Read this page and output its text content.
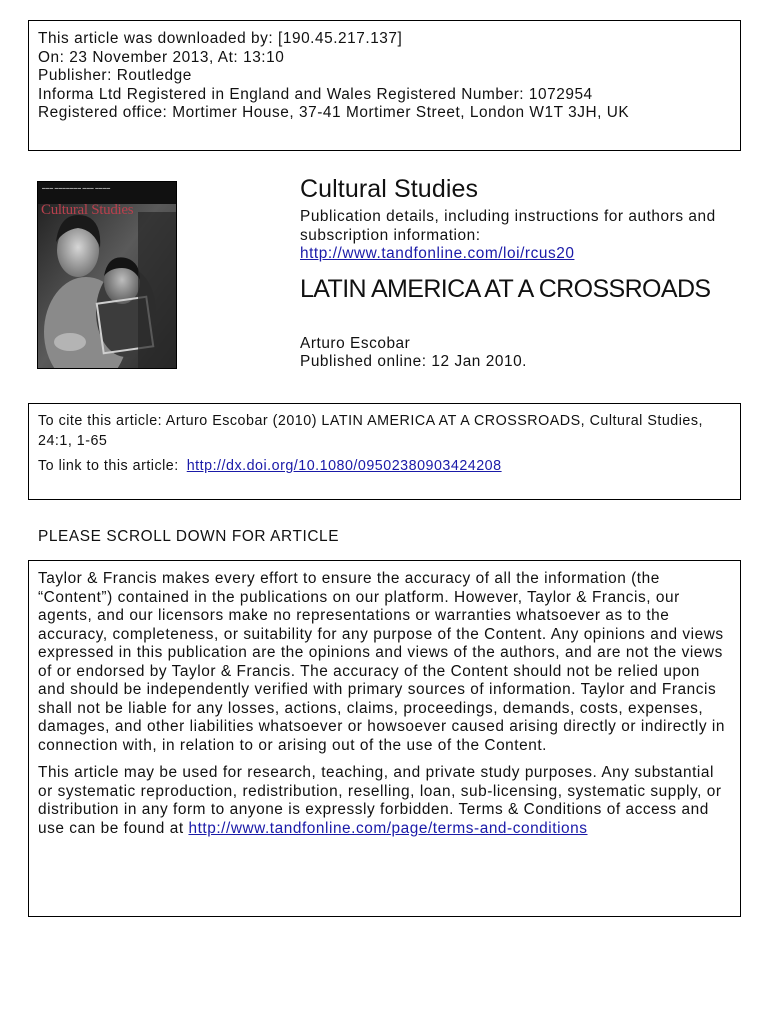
This article was downloaded by: [190.45.217.137]
On: 23 November 2013, At: 13:10
Publisher: Routledge
Informa Ltd Registered in England and Wales Registered Number: 1072954
Registered office: Mortimer House, 37-41 Mortimer Street, London W1T 3JH, UK
▬▬▬ ▬▬▬▬▬▬▬ ▬▬▬ ▬▬▬▬
Cultural Studies
Cultural Studies
Publication details, including instructions for authors and subscription information:
http://www.tandfonline.com/loi/rcus20
LATIN AMERICA AT A CROSSROADS
Arturo Escobar
Published online: 12 Jan 2010.
To cite this article: Arturo Escobar (2010) LATIN AMERICA AT A CROSSROADS, Cultural Studies, 24:1, 1-65
To link to this article: http://dx.doi.org/10.1080/09502380903424208
PLEASE SCROLL DOWN FOR ARTICLE

Taylor & Francis makes every effort to ensure the accuracy of all the information (the “Content”) contained in the publications on our platform. However, Taylor & Francis, our agents, and our licensors make no representations or warranties whatsoever as to the accuracy, completeness, or suitability for any purpose of the Content. Any opinions and views expressed in this publication are the opinions and views of the authors, and are not the views of or endorsed by Taylor & Francis. The accuracy of the Content should not be relied upon and should be independently verified with primary sources of information. Taylor and Francis shall not be liable for any losses, actions, claims, proceedings, demands, costs, expenses, damages, and other liabilities whatsoever or howsoever caused arising directly or indirectly in connection with, in relation to or arising out of the use of the Content.

This article may be used for research, teaching, and private study purposes. Any substantial or systematic reproduction, redistribution, reselling, loan, sub-licensing, systematic supply, or distribution in any form to anyone is expressly forbidden. Terms & Conditions of access and use can be found at http://www.tandfonline.com/page/terms-and-conditions
